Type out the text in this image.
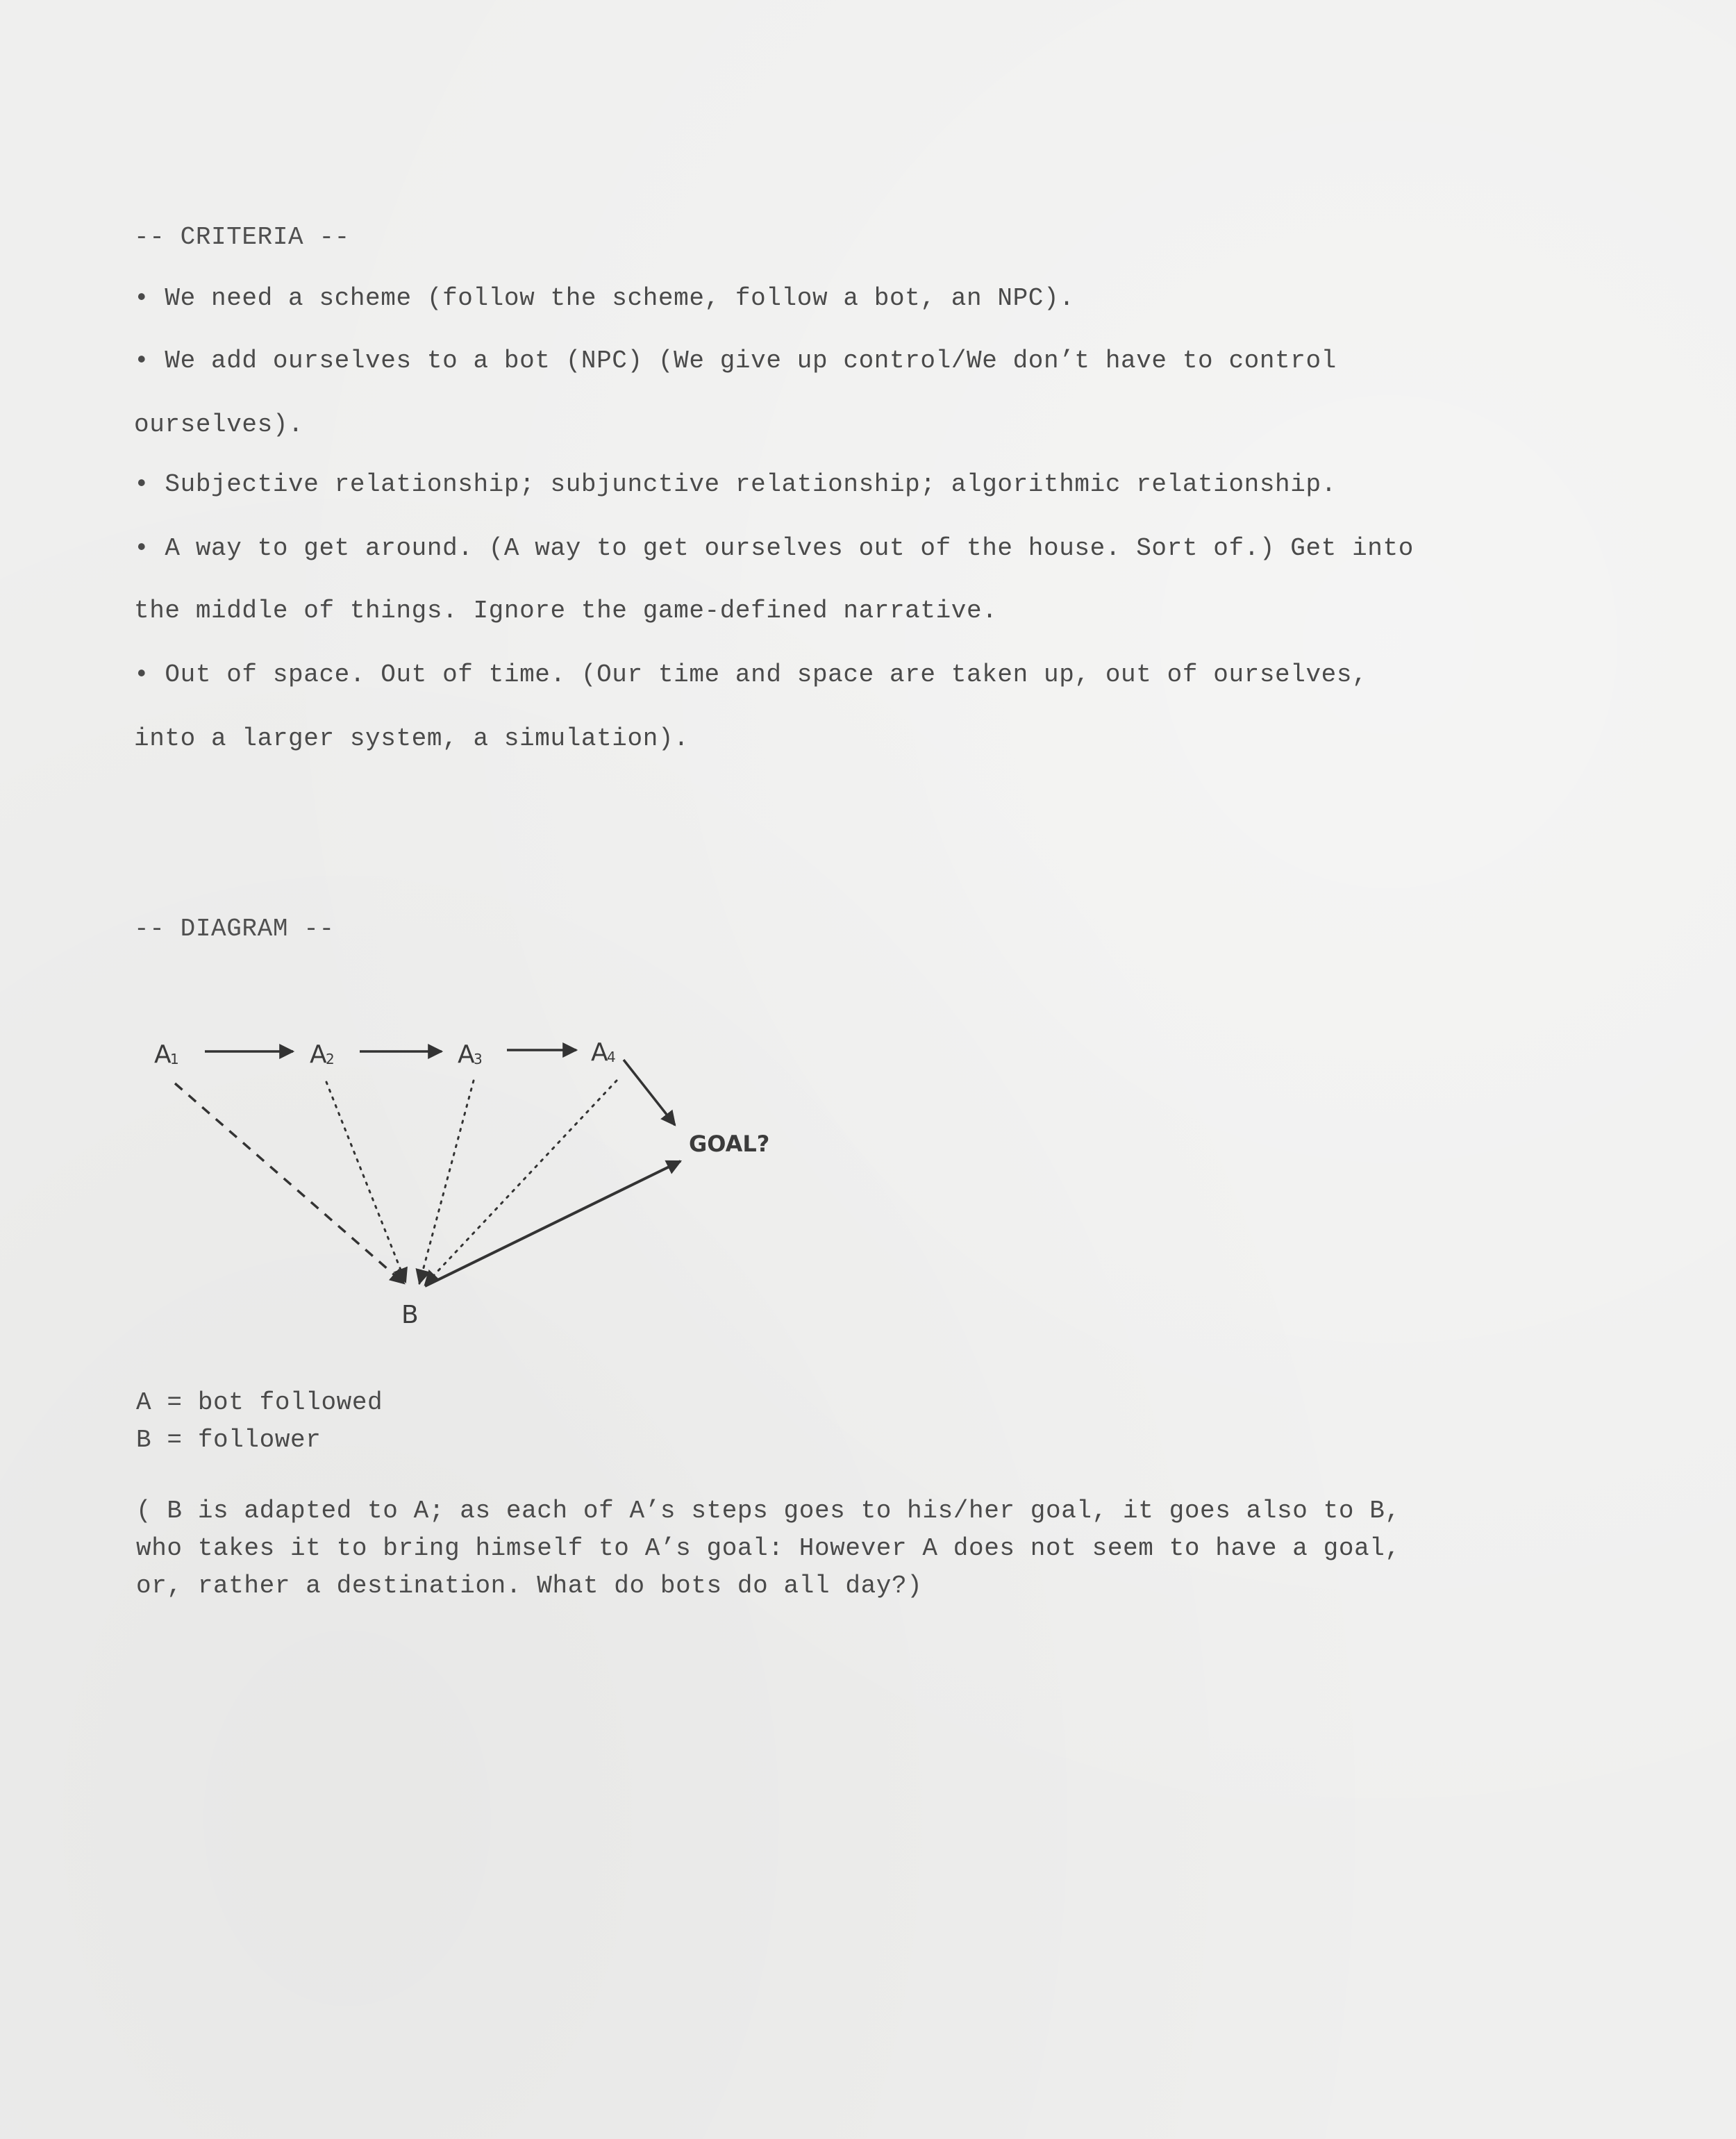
-- CRITERIA --
• We need a scheme (follow the scheme, follow a bot, an NPC).
• We add ourselves to a bot (NPC) (We give up control/We don’t have to control
ourselves).
• Subjective relationship; subjunctive relationship; algorithmic relationship.
• A way to get around. (A way to get ourselves out of the house. Sort of.) Get into
the middle of things. Ignore the game-defined narrative.
• Out of space. Out of time. (Our time and space are taken up, out of ourselves,
into a larger system, a simulation).
-- DIAGRAM --
A
1	A
2	A
3	A
4
GOAL?
B
A = bot followed
B = follower
( B is adapted to A; as each of A’s steps goes to his/her goal, it goes also to B,
who takes it to bring himself to A’s goal: However A does not seem to have a goal,
or, rather a destination. What do bots do all day?)
